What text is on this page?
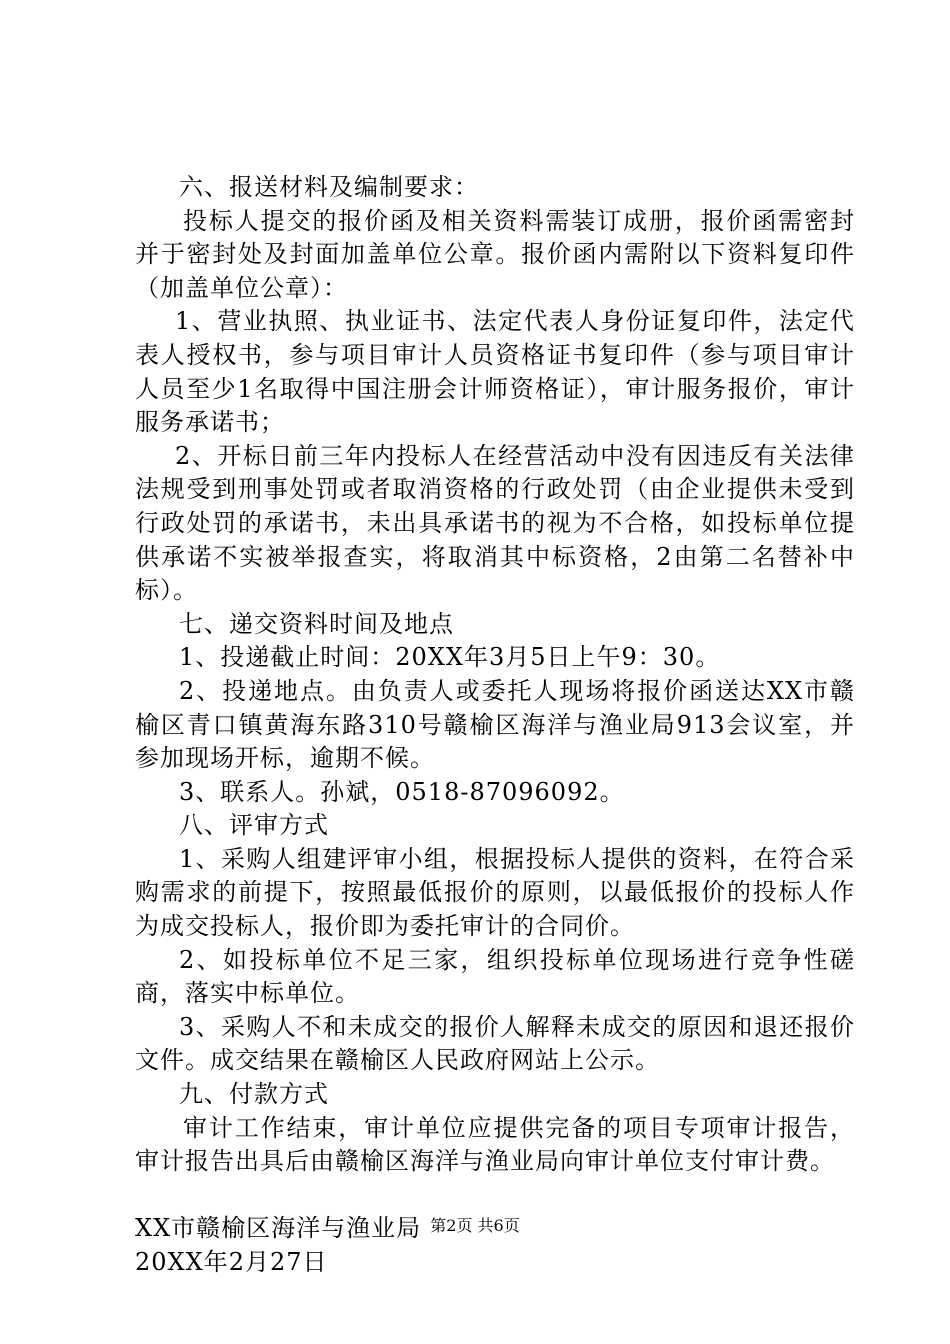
六、报送材料及编制要求：

投标人提交的报价函及相关资料需装订成册，报价函需密封并于密封处及封面加盖单位公章。报价函内需附以下资料复印件（加盖单位公章）：

1、营业执照、执业证书、法定代表人身份证复印件，法定代表人授权书，参与项目审计人员资格证书复印件（参与项目审计人员至少1名取得中国注册会计师资格证），审计服务报价，审计服务承诺书；

2、开标日前三年内投标人在经营活动中没有因违反有关法律法规受到刑事处罚或者取消资格的行政处罚（由企业提供未受到行政处罚的承诺书，未出具承诺书的视为不合格，如投标单位提供承诺不实被举报查实，将取消其中标资格，2由第二名替补中标）。

七、递交资料时间及地点

1、投递截止时间：20XX年3月5日上午9：30。

2、投递地点。由负责人或委托人现场将报价函送达XX市赣榆区青口镇黄海东路310号赣榆区海洋与渔业局913会议室，并参加现场开标，逾期不候。

3、联系人。孙斌，0518-87096092。

八、评审方式

1、采购人组建评审小组，根据投标人提供的资料，在符合采购需求的前提下，按照最低报价的原则，以最低报价的投标人作为成交投标人，报价即为委托审计的合同价。

2、如投标单位不足三家，组织投标单位现场进行竞争性磋商，落实中标单位。

3、采购人不和未成交的报价人解释未成交的原因和退还报价文件。成交结果在赣榆区人民政府网站上公示。

九、付款方式

审计工作结束，审计单位应提供完备的项目专项审计报告，审计报告出具后由赣榆区海洋与渔业局向审计单位支付审计费。

XX市赣榆区海洋与渔业局

20XX年2月27日

第2页 共6页
